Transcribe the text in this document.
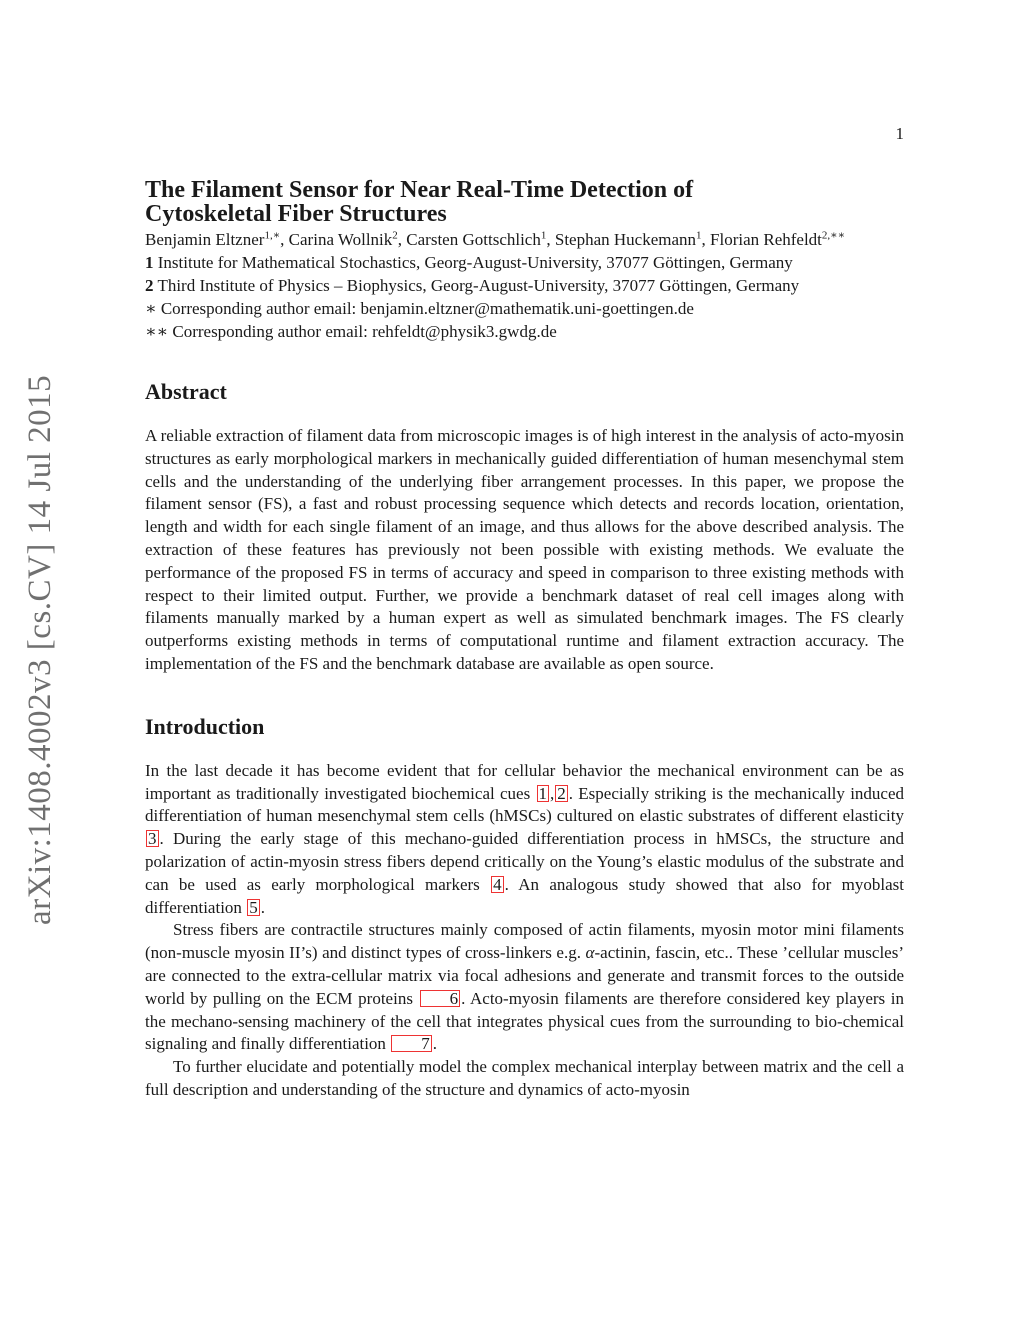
1
arXiv:1408.4002v3 [cs.CV] 14 Jul 2015
The Filament Sensor for Near Real-Time Detection of
Cytoskeletal Fiber Structures
Benjamin Eltzner$^{1,∗}$, Carina Wollnik$^2$, Carsten Gottschlich$^1$, Stephan Huckemann$^1$, Florian Rehfeldt$^{2,∗∗}$
1 Institute for Mathematical Stochastics, Georg-August-University, 37077 Göttingen, Germany
2 Third Institute of Physics – Biophysics, Georg-August-University, 37077 Göttingen, Germany
∗ Corresponding author email: benjamin.eltzner@mathematik.uni-goettingen.de
∗∗ Corresponding author email: rehfeldt@physik3.gwdg.de
Abstract

A reliable extraction of filament data from microscopic images is of high interest in the analysis of acto-myosin structures as early morphological markers in mechanically guided differentiation of human mesenchymal stem cells and the understanding of the underlying fiber arrangement processes. In this paper, we propose the filament sensor (FS), a fast and robust processing sequence which detects and records location, orientation, length and width for each single filament of an image, and thus allows for the above described analysis. The extraction of these features has previously not been possible with existing methods. We evaluate the performance of the proposed FS in terms of accuracy and speed in comparison to three existing methods with respect to their limited output. Further, we provide a benchmark dataset of real cell images along with filaments manually marked by a human expert as well as simulated benchmark images. The FS clearly outperforms existing methods in terms of computational runtime and filament extraction accuracy. The implementation of the FS and the benchmark database are available as open source.

Introduction

In the last decade it has become evident that for cellular behavior the mechanical environment can be as important as traditionally investigated biochemical cues 1 , 2 . Especially striking is the mechanically induced differentiation of human mesenchymal stem cells (hMSCs) cultured on elastic substrates of different elasticity 3 . During the early stage of this mechano-guided differentiation process in hMSCs, the structure and polarization of actin-myosin stress fibers depend critically on the Young’s elastic modulus of the substrate and can be used as early morphological markers 4 . An analogous study showed that also for myoblast differentiation 5 .

Stress fibers are contractile structures mainly composed of actin filaments, myosin motor mini filaments (non-muscle myosin II’s) and distinct types of cross-linkers e.g. α-actinin, fascin, etc.. These ’cellular muscles’ are connected to the extra-cellular matrix via focal adhesions and generate and transmit forces to the outside world by pulling on the ECM proteins 6 . Acto-myosin filaments are therefore considered key players in the mechano-sensing machinery of the cell that integrates physical cues from the surrounding to bio-chemical signaling and finally differentiation 7 .

To further elucidate and potentially model the complex mechanical interplay between matrix and the cell a full description and understanding of the structure and dynamics of acto-myosin
